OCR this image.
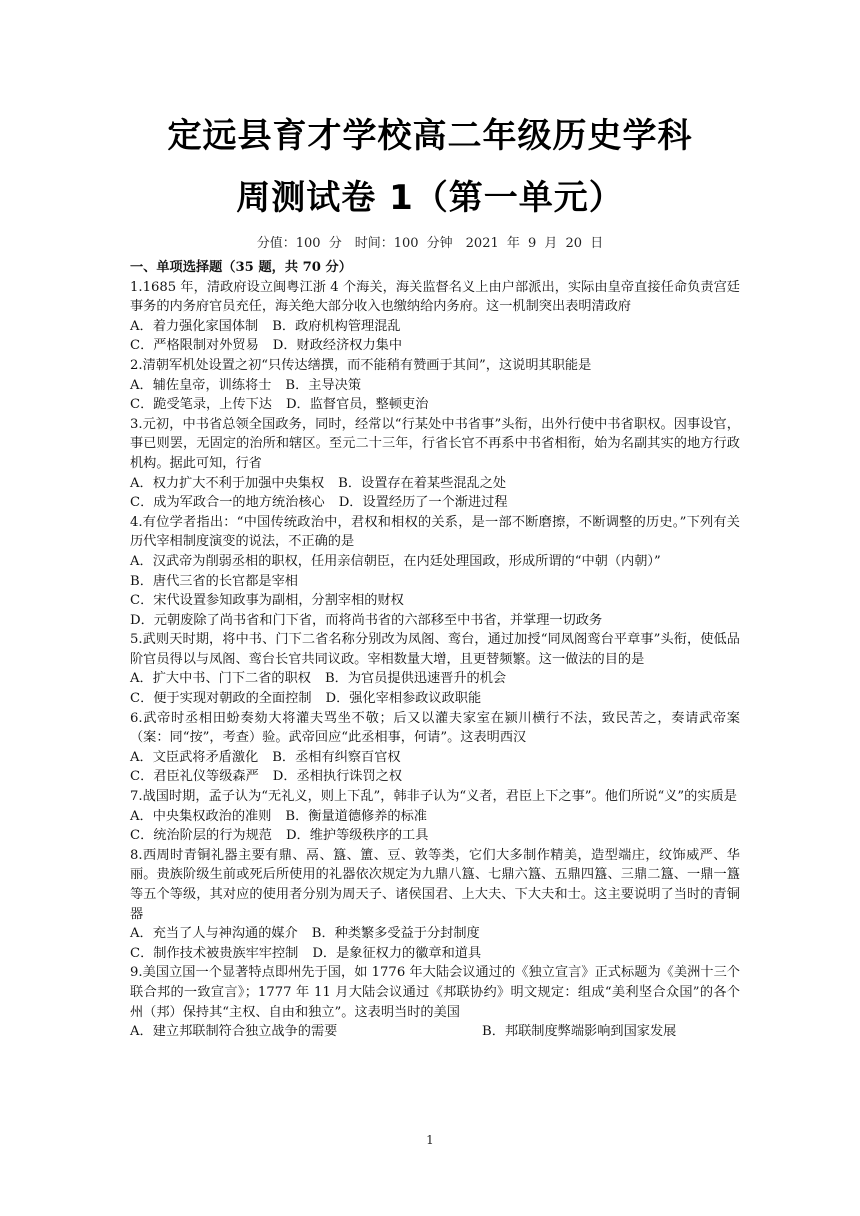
定远县育才学校高二年级历史学科
周测试卷 1（第一单元）
分值：100 分　时间：100 分钟　2021 年 9 月 20 日

一、单项选择题（35 题，共 70 分）

1.1685 年，清政府设立闽粤江浙 4 个海关，海关监督名义上由户部派出，实际由皇帝直接任命负责宫廷事务的内务府官员充任，海关绝大部分收入也缴纳给内务府。这一机制突出表明清政府

A．着力强化家国体制 B．政府机构管理混乱

C．严格限制对外贸易 D．财政经济权力集中

2.清朝军机处设置之初“只传达缮撰，而不能稍有赞画于其间”，这说明其职能是

A．辅佐皇帝，训练将士 B．主导决策

C．跪受笔录，上传下达 D．监督官员，整顿吏治

3.元初，中书省总领全国政务，同时，经常以“行某处中书省事”头衔，出外行使中书省职权。因事设官，事已则罢，无固定的治所和辖区。至元二十三年，行省长官不再系中书省相衔，始为名副其实的地方行政机构。据此可知，行省

A．权力扩大不利于加强中央集权 B．设置存在着某些混乱之处

C．成为军政合一的地方统治核心 D．设置经历了一个渐进过程

4.有位学者指出：“中国传统政治中，君权和相权的关系，是一部不断磨擦，不断调整的历史。”下列有关历代宰相制度演变的说法，不正确的是

A．汉武帝为削弱丞相的职权，任用亲信朝臣，在内廷处理国政，形成所谓的“中朝（内朝）”

B．唐代三省的长官都是宰相

C．宋代设置参知政事为副相，分割宰相的财权

D．元朝废除了尚书省和门下省，而将尚书省的六部移至中书省，并掌理一切政务

5.武则天时期，将中书、门下二省名称分别改为凤阁、鸾台，通过加授“同凤阁鸾台平章事”头衔，使低品阶官员得以与凤阁、鸾台长官共同议政。宰相数量大增，且更替频繁。这一做法的目的是

A．扩大中书、门下二省的职权 B．为官员提供迅速晋升的机会

C．便于实现对朝政的全面控制 D．强化宰相参政议政职能

6.武帝时丞相田蚡奏劾大将灌夫骂坐不敬；后又以灌夫家室在颍川横行不法，致民苦之，奏请武帝案（案：同“按”，考查）验。武帝回应“此丞相事，何请”。这表明西汉

A．文臣武将矛盾激化 B．丞相有纠察百官权

C．君臣礼仪等级森严 D．丞相执行诛罚之权

7.战国时期，孟子认为“无礼义，则上下乱”，韩非子认为“义者，君臣上下之事”。他们所说“义”的实质是

A．中央集权政治的准则 B．衡量道德修养的标准

C．统治阶层的行为规范 D．维护等级秩序的工具

8.西周时青铜礼器主要有鼎、鬲、簋、簠、豆、敦等类，它们大多制作精美，造型端庄，纹饰威严、华丽。贵族阶级生前或死后所使用的礼器依次规定为九鼎八簋、七鼎六簋、五鼎四簋、三鼎二簋、一鼎一簋等五个等级，其对应的使用者分别为周天子、诸侯国君、上大夫、下大夫和士。这主要说明了当时的青铜器

A．充当了人与神沟通的媒介 B．种类繁多受益于分封制度

C．制作技术被贵族牢牢控制 D．是象征权力的徽章和道具

9.美国立国一个显著特点即州先于国，如 1776 年大陆会议通过的《独立宣言》正式标题为《美洲十三个联合邦的一致宣言》；1777 年 11 月大陆会议通过《邦联协约》明文规定：组成“美利坚合众国”的各个州（邦）保持其“主权、自由和独立”。这表明当时的美国

A．建立邦联制符合独立战争的需要	B．邦联制度弊端影响到国家发展

1
